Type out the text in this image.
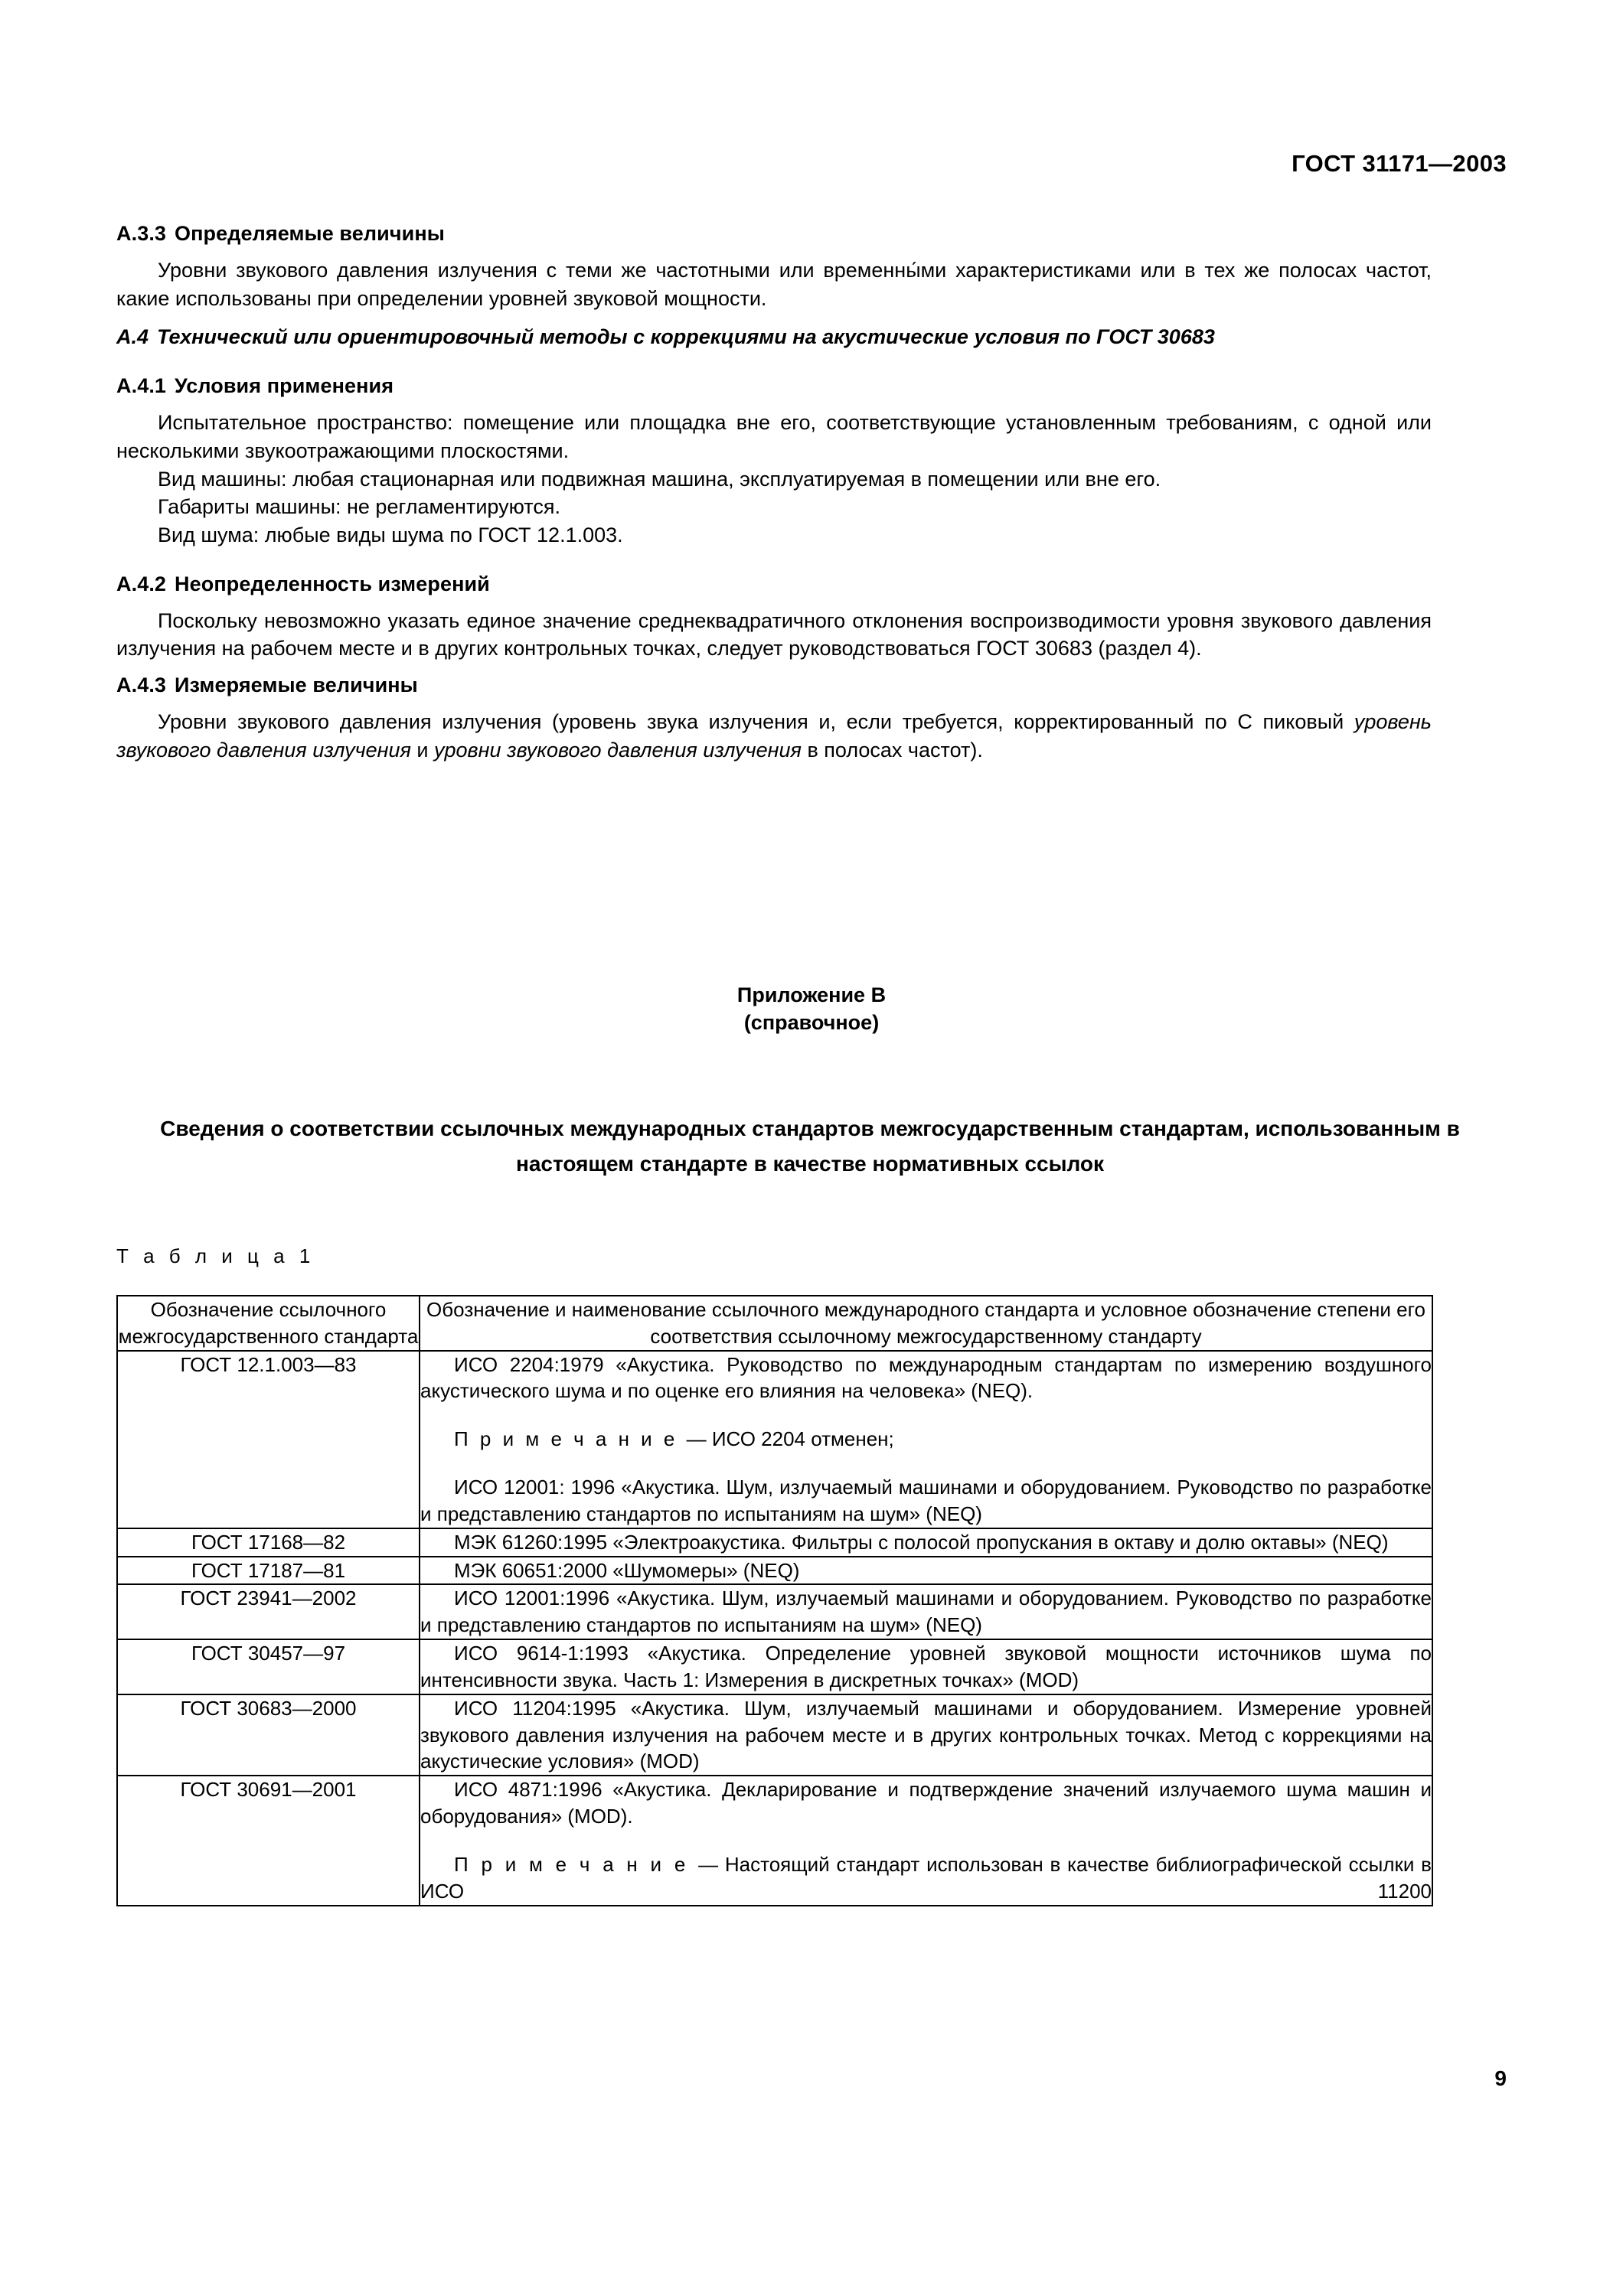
ГОСТ 31171—2003
А.3.3 Определяемые величины

Уровни звукового давления излучения с теми же частотными или временны́ми характеристиками или в тех же полосах частот, какие использованы при определении уровней звуковой мощности.

А.4 Технический или ориентировочный методы с коррекциями на акустические условия по ГОСТ 30683
А.4.1 Условия применения

Испытательное пространство: помещение или площадка вне его, соответствующие установленным требованиям, с одной или несколькими звукоотражающими плоскостями.

Вид машины: любая стационарная или подвижная машина, эксплуатируемая в помещении или вне его.

Габариты машины: не регламентируются.

Вид шума: любые виды шума по ГОСТ 12.1.003.

А.4.2 Неопределенность измерений

Поскольку невозможно указать единое значение среднеквадратичного отклонения воспроизводимости уровня звукового давления излучения на рабочем месте и в других контрольных точках, следует руководствоваться ГОСТ 30683 (раздел 4).

А.4.3 Измеряемые величины

Уровни звукового давления излучения (уровень звука излучения и, если требуется, корректированный по С пиковый уровень звукового давления излучения и уровни звукового давления излучения в полосах частот).

Приложение В
(справочное)
Сведения о соответствии ссылочных международных стандартов межгосударственным стандартам, использованным в настоящем стандарте в качестве нормативных ссылок
Т а б л и ц а 1
Обозначение ссылочного межгосударственного стандарта	Обозначение и наименование ссылочного международного стандарта и условное обозначение степени его соответствия ссылочному межгосударственному стандарту
ГОСТ 12.1.003—83	ИСО 2204:1979 «Акустика. Руководство по международным стандартам по измерению воздушного акустического шума и по оценке его влияния на человека» (NEQ).

П р и м е ч а н и е — ИСО 2204 отменен;

ИСО 12001: 1996 «Акустика. Шум, излучаемый машинами и оборудованием. Руководство по разработке и представлению стандартов по испытаниям на шум» (NEQ)

ГОСТ 17168—82	МЭК 61260:1995 «Электроакустика. Фильтры с полосой пропускания в октаву и долю октавы» (NEQ)

ГОСТ 17187—81	МЭК 60651:2000 «Шумомеры» (NEQ)

ГОСТ 23941—2002	ИСО 12001:1996 «Акустика. Шум, излучаемый машинами и оборудованием. Руководство по разработке и представлению стандартов по испытаниям на шум» (NEQ)

ГОСТ 30457—97	ИСО 9614-1:1993 «Акустика. Определение уровней звуковой мощности источников шума по интенсивности звука. Часть 1: Измерения в дискретных точках» (MOD)

ГОСТ 30683—2000	ИСО 11204:1995 «Акустика. Шум, излучаемый машинами и оборудованием. Измерение уровней звукового давления излучения на рабочем месте и в других контрольных точках. Метод с коррекциями на акустические условия» (MOD)

ГОСТ 30691—2001	ИСО 4871:1996 «Акустика. Декларирование и подтверждение значений излучаемого шума машин и оборудования» (MOD).

П р и м е ч а н и е — Настоящий стандарт использован в качестве библиографической ссылки в ИСО 11200

9
